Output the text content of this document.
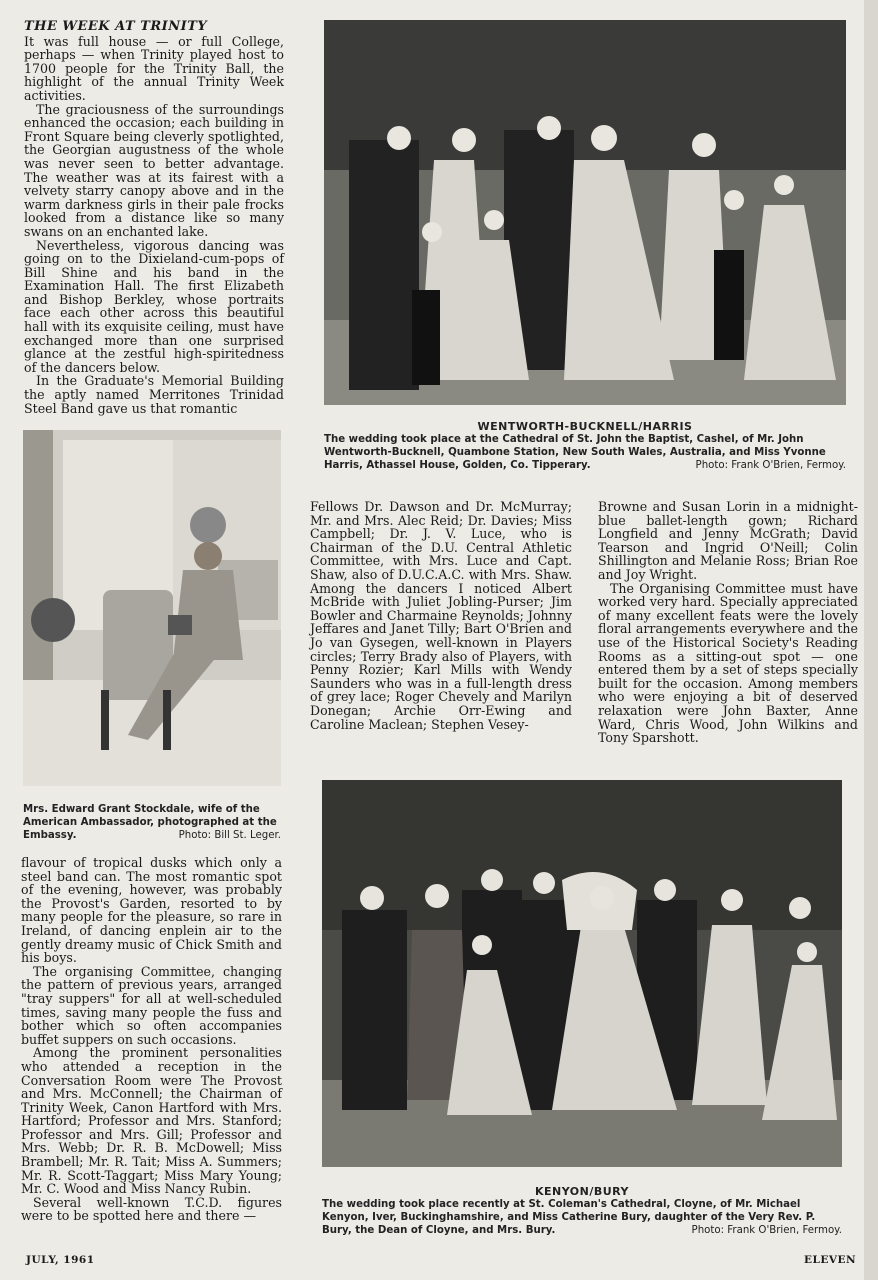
THE WEEK AT TRINITY

It was full house — or full College, perhaps — when Trinity played host to 1700 people for the Trinity Ball, the highlight of the annual Trinity Week activities.

The graciousness of the surroundings enhanced the occasion; each building in Front Square being cleverly spotlighted, the Georgian augustness of the whole was never seen to better advantage. The weather was at its fairest with a velvety starry canopy above and in the warm darkness girls in their pale frocks looked from a distance like so many swans on an enchanted lake.

Nevertheless, vigorous dancing was going on to the Dixieland-cum-pops of Bill Shine and his band in the Examination Hall. The first Elizabeth and Bishop Berkley, whose portraits face each other across this beautiful hall with its exquisite ceiling, must have exchanged more than one surprised glance at the zestful high-spiritedness of the dancers below.

In the Graduate's Memorial Building the aptly named Merritones Trinidad Steel Band gave us that romantic

WENTWORTH-BUCKNELL/HARRIS
The wedding took place at the Cathedral of St. John the Baptist, Cashel, of Mr. John Wentworth-Bucknell, Quambone Station, New South Wales, Australia, and Miss Yvonne Harris, Athassel House, Golden, Co. Tipperary.	Photo: Frank O'Brien, Fermoy.
Mrs. Edward Grant Stockdale, wife of the American Ambassador, photographed at the Embassy.	Photo: Bill St. Leger.

Fellows Dr. Dawson and Dr. McMurray; Mr. and Mrs. Alec Reid; Dr. Davies; Miss Campbell; Dr. J. V. Luce, who is Chairman of the D.U. Central Athletic Committee, with Mrs. Luce and Capt. Shaw, also of D.U.C.A.C. with Mrs. Shaw. Among the dancers I noticed Albert McBride with Juliet Jobling-Purser; Jim Bowler and Charmaine Reynolds; Johnny Jeffares and Janet Tilly; Bart O'Brien and Jo van Gysegen, well-known in Players circles; Terry Brady also of Players, with Penny Rozier; Karl Mills with Wendy Saunders who was in a full-length dress of grey lace; Roger Chevely and Marilyn Donegan; Archie Orr-Ewing and Caroline Maclean; Stephen Vesey-

Browne and Susan Lorin in a midnight-blue ballet-length gown; Richard Longfield and Jenny McGrath; David Tearson and Ingrid O'Neill; Colin Shillington and Melanie Ross; Brian Roe and Joy Wright.

The Organising Committee must have worked very hard. Specially appreciated of many excellent feats were the lovely floral arrangements everywhere and the use of the Historical Society's Reading Rooms as a sitting-out spot — one entered them by a set of steps specially built for the occasion. Among members who were enjoying a bit of deserved relaxation were John Baxter, Anne Ward, Chris Wood, John Wilkins and Tony Sparshott.

flavour of tropical dusks which only a steel band can. The most romantic spot of the evening, however, was probably the Provost's Garden, resorted to by many people for the pleasure, so rare in Ireland, of dancing enplein air to the gently dreamy music of Chick Smith and his boys.

The organising Committee, changing the pattern of previous years, arranged "tray suppers" for all at well-scheduled times, saving many people the fuss and bother which so often accompanies buffet suppers on such occasions.

Among the prominent personalities who attended a reception in the Conversation Room were The Provost and Mrs. McConnell; the Chairman of Trinity Week, Canon Hartford with Mrs. Hartford; Professor and Mrs. Stanford; Professor and Mrs. Gill; Professor and Mrs. Webb; Dr. R. B. McDowell; Miss Brambell; Mr. R. Tait; Miss A. Summers; Mr. R. Scott-Taggart; Miss Mary Young; Mr. C. Wood and Miss Nancy Rubin.

Several well-known T.C.D. figures were to be spotted here and there —

KENYON/BURY
The wedding took place recently at St. Coleman's Cathedral, Cloyne, of Mr. Michael Kenyon, Iver, Buckinghamshire, and Miss Catherine Bury, daughter of the Very Rev. P. Bury, the Dean of Cloyne, and Mrs. Bury.	Photo: Frank O'Brien, Fermoy.
JULY, 1961	ELEVEN
